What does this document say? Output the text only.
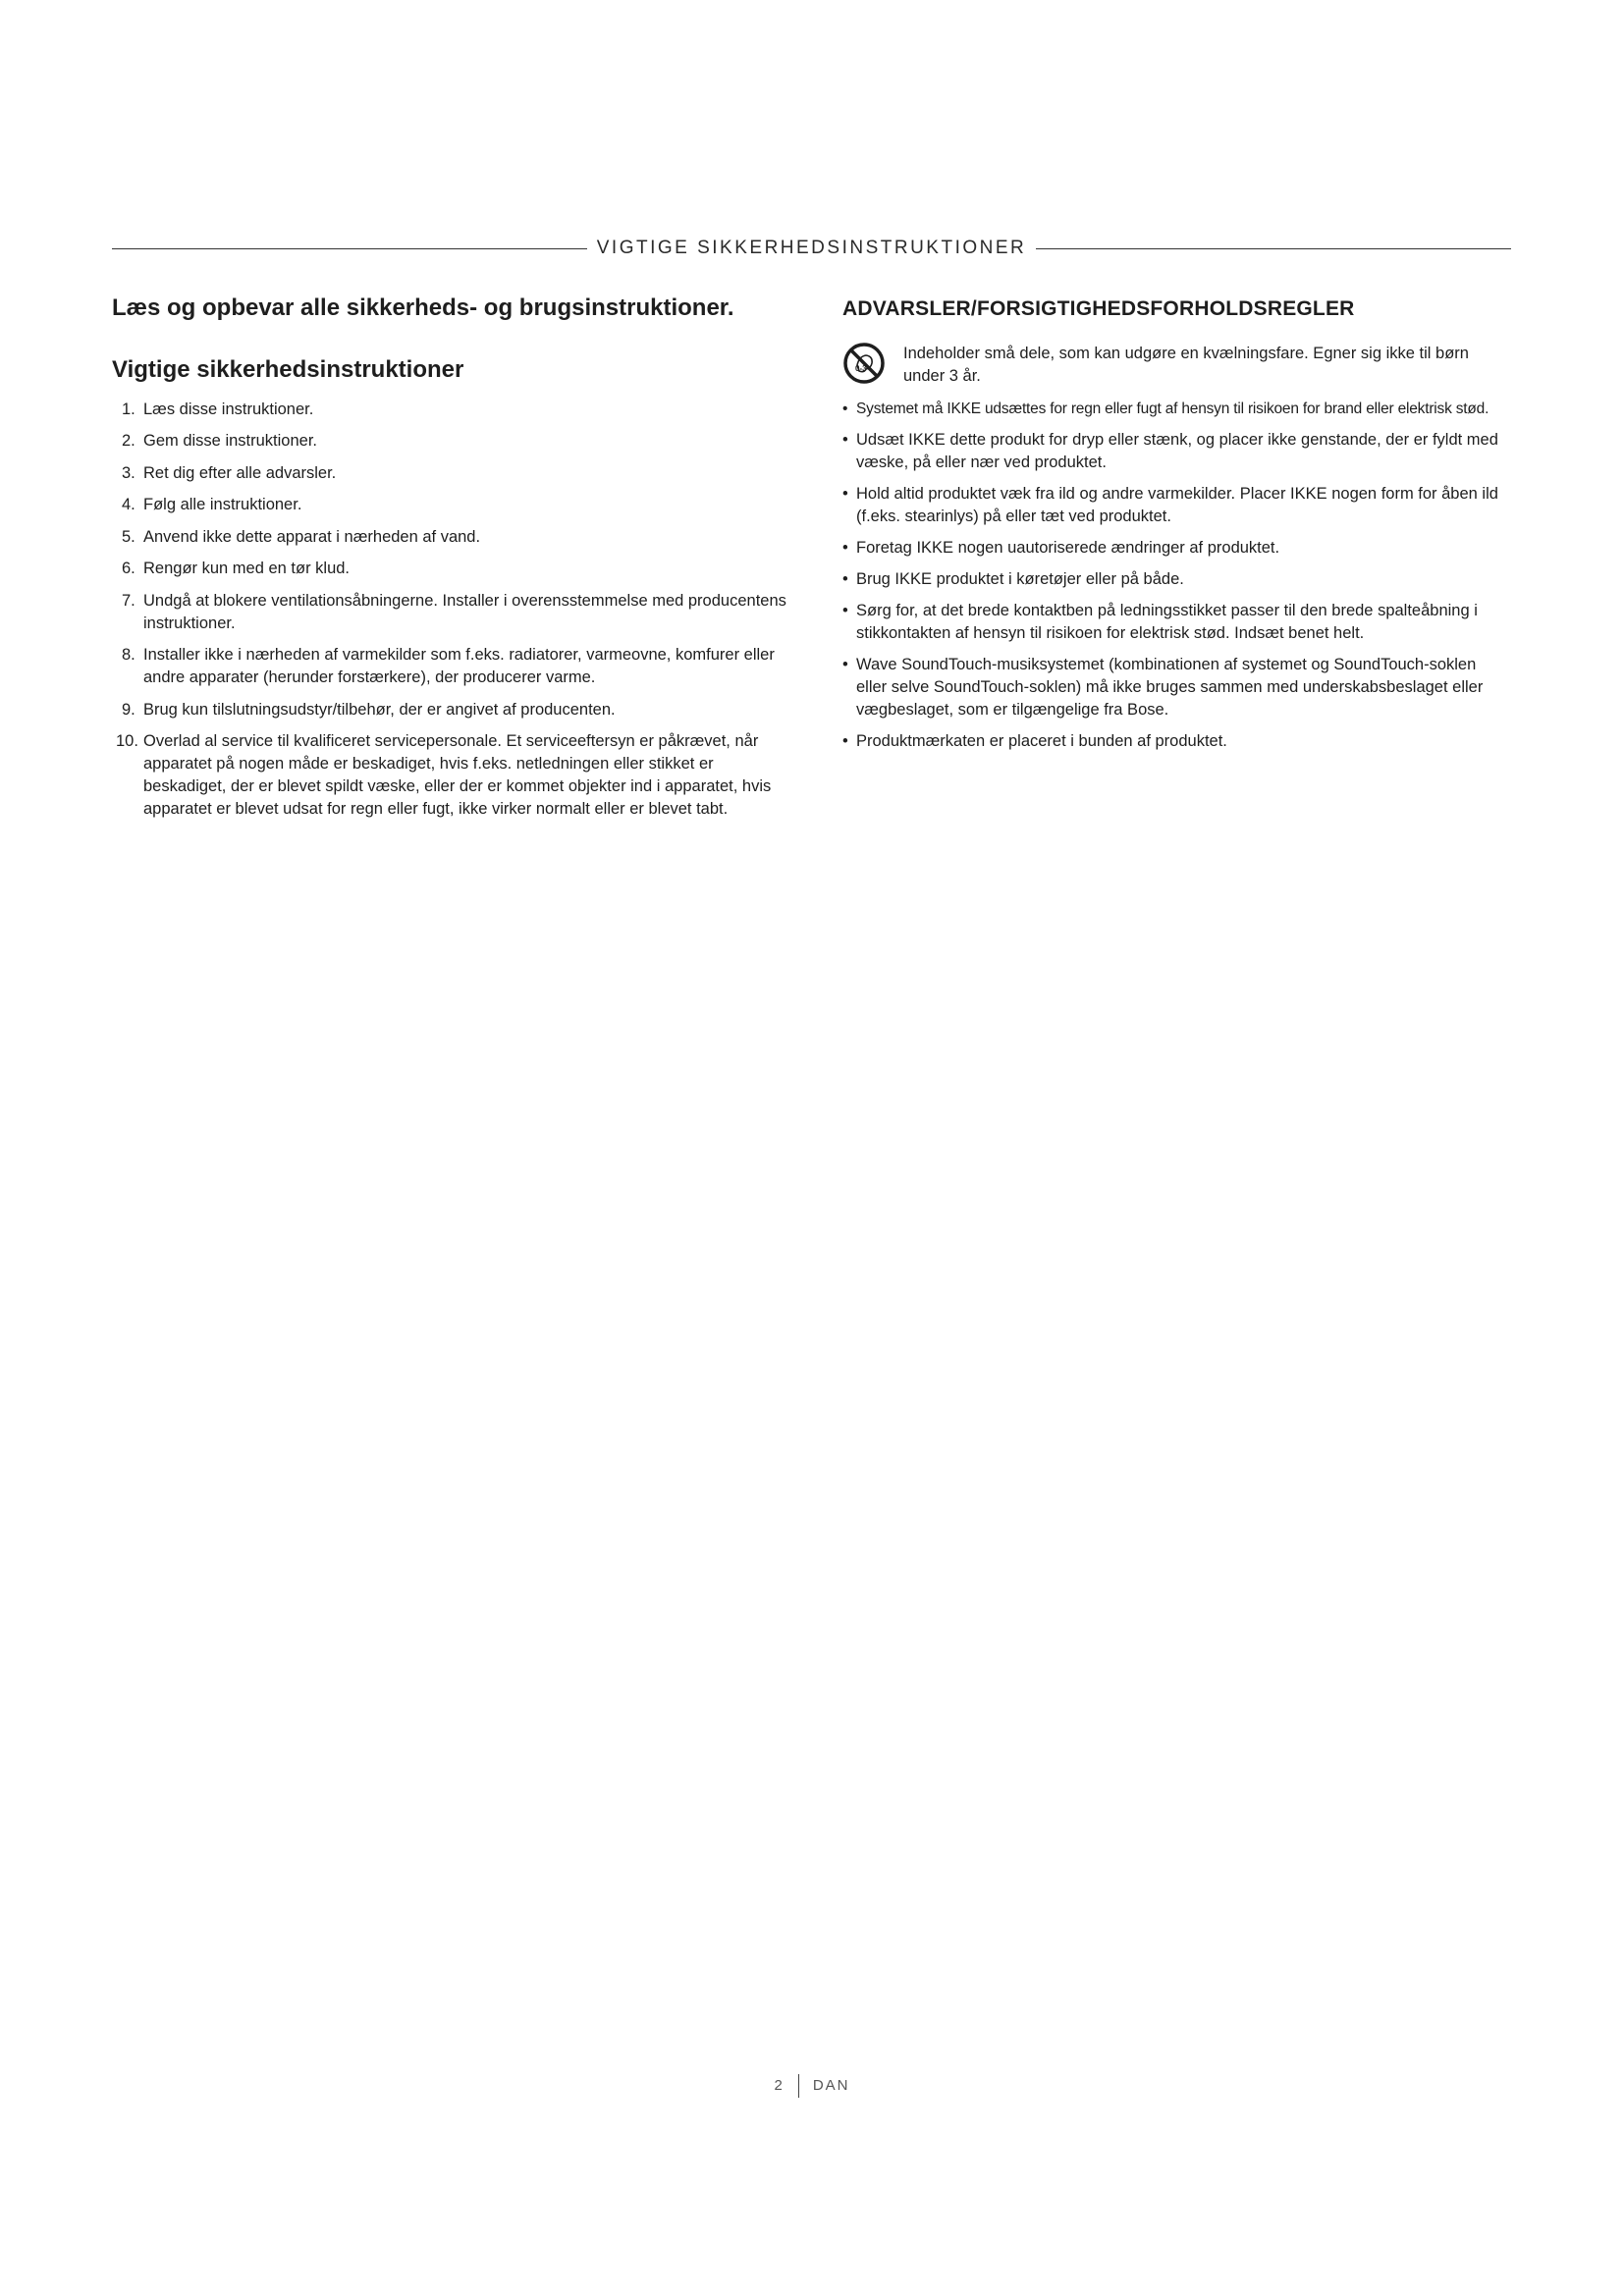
VIGTIGE SIKKERHEDSINSTRUKTIONER
Læs og opbevar alle sikkerheds- og brugsinstruktioner.
Vigtige sikkerhedsinstruktioner
1. Læs disse instruktioner.
2. Gem disse instruktioner.
3. Ret dig efter alle advarsler.
4. Følg alle instruktioner.
5. Anvend ikke dette apparat i nærheden af vand.
6. Rengør kun med en tør klud.
7. Undgå at blokere ventilationsåbningerne. Installer i overensstemmelse med producentens instruktioner.
8. Installer ikke i nærheden af varmekilder som f.eks. radiatorer, varmeovne, komfurer eller andre apparater (herunder forstærkere), der producerer varme.
9. Brug kun tilslutningsudstyr/tilbehør, der er angivet af producenten.
10. Overlad al service til kvalificeret servicepersonale. Et serviceeftersyn er påkrævet, når apparatet på nogen måde er beskadiget, hvis f.eks. netledningen eller stikket er beskadiget, der er blevet spildt væske, eller der er kommet objekter ind i apparatet, hvis apparatet er blevet udsat for regn eller fugt, ikke virker normalt eller er blevet tabt.
ADVARSLER/FORSIGTIGHEDSFORHOLDSREGLER
0-3
Indeholder små dele, som kan udgøre en kvælningsfare. Egner sig ikke til børn under 3 år.
• Systemet må IKKE udsættes for regn eller fugt af hensyn til risikoen for brand eller elektrisk stød.
• Udsæt IKKE dette produkt for dryp eller stænk, og placer ikke genstande, der er fyldt med væske, på eller nær ved produktet.
• Hold altid produktet væk fra ild og andre varmekilder. Placer IKKE nogen form for åben ild (f.eks. stearinlys) på eller tæt ved produktet.
• Foretag IKKE nogen uautoriserede ændringer af produktet.
• Brug IKKE produktet i køretøjer eller på både.
• Sørg for, at det brede kontaktben på ledningsstikket passer til den brede spalteåbning i stikkontakten af hensyn til risikoen for elektrisk stød. Indsæt benet helt.
• Wave SoundTouch-musiksystemet (kombinationen af systemet og SoundTouch-soklen eller selve SoundTouch-soklen) må ikke bruges sammen med underskabsbeslaget eller vægbeslaget, som er tilgængelige fra Bose.
• Produktmærkaten er placeret i bunden af produktet.
2 DAN
